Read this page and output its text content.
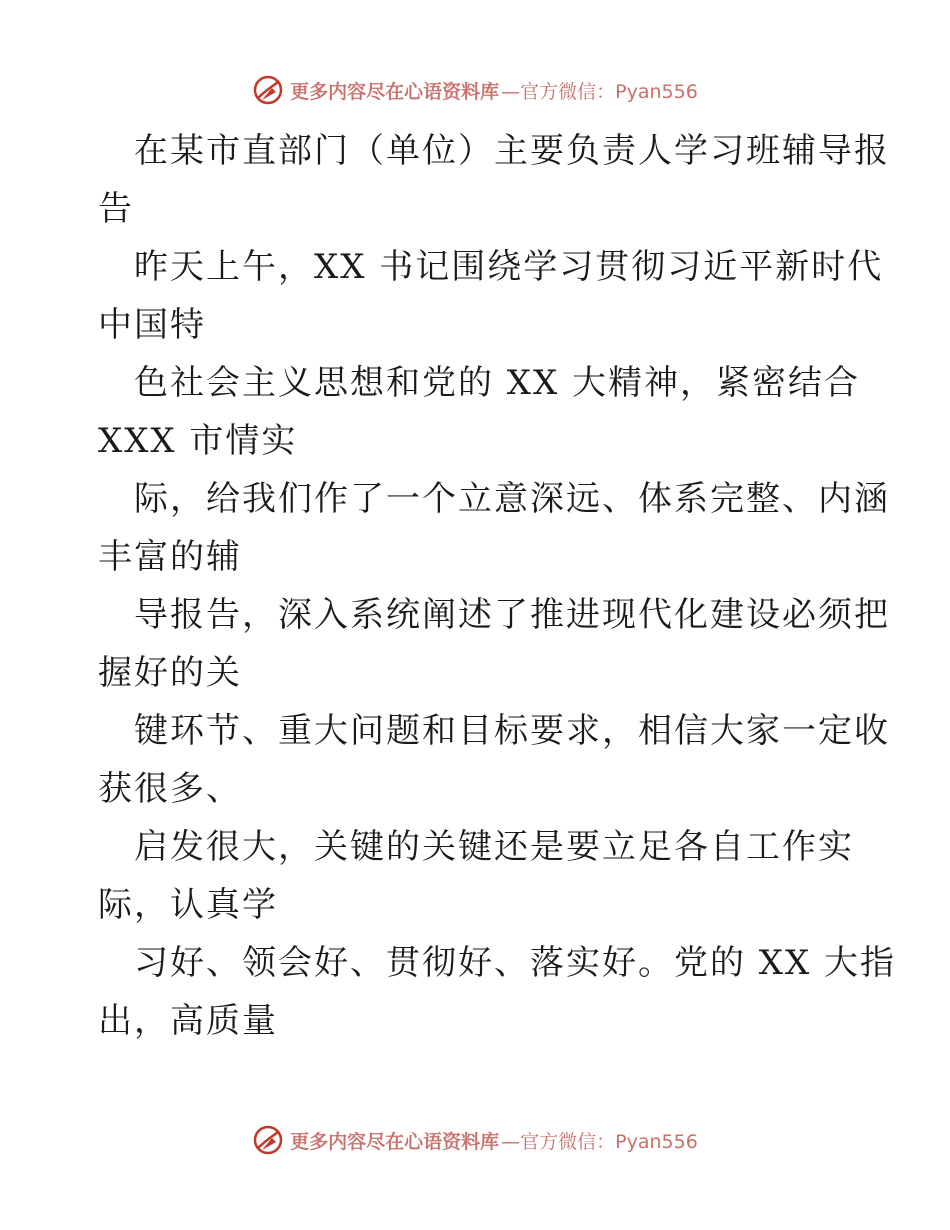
更多内容尽在心语资料库 —官方微信：Pyan556
在某市直部门（单位）主要负责人学习班辅导报
告
昨天上午，XX 书记围绕学习贯彻习近平新时代
中国特
色社会主义思想和党的 XX 大精神，紧密结合
XXX 市情实
际，给我们作了一个立意深远、体系完整、内涵
丰富的辅
导报告，深入系统阐述了推进现代化建设必须把
握好的关
键环节、重大问题和目标要求，相信大家一定收
获很多、
启发很大，关键的关键还是要立足各自工作实
际，认真学
习好、领会好、贯彻好、落实好。党的 XX 大指
出，高质量
更多内容尽在心语资料库 —官方微信：Pyan556
